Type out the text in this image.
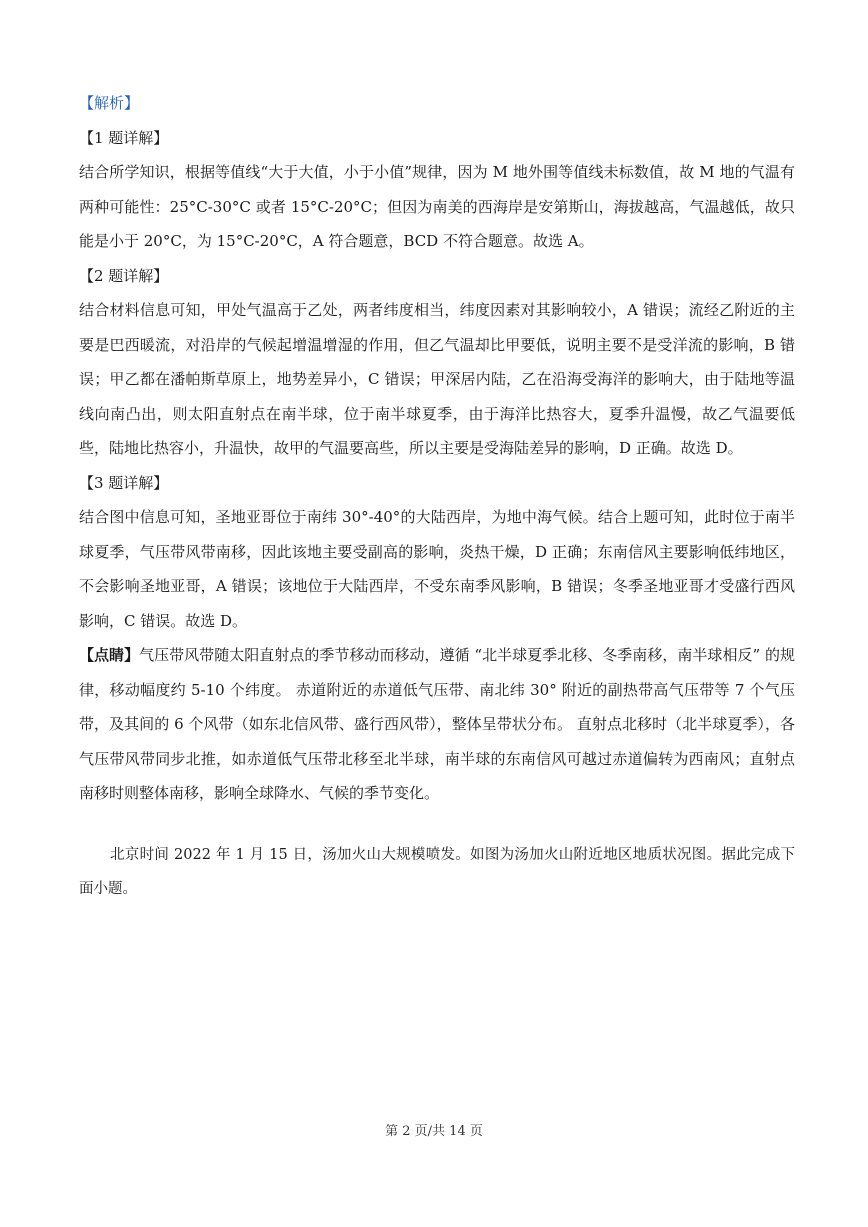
【解析】

【1 题详解】

结合所学知识，根据等值线“大于大值，小于小值”规律，因为 M 地外围等值线未标数值，故 M 地的气温有两种可能性：25°C-30°C 或者 15°C-20°C；但因为南美的西海岸是安第斯山，海拔越高，气温越低，故只能是小于 20°C，为 15°C-20°C，A 符合题意，BCD 不符合题意。故选 A。

【2 题详解】

结合材料信息可知，甲处气温高于乙处，两者纬度相当，纬度因素对其影响较小，A 错误；流经乙附近的主要是巴西暖流，对沿岸的气候起增温增湿的作用，但乙气温却比甲要低，说明主要不是受洋流的影响，B 错误；甲乙都在潘帕斯草原上，地势差异小，C 错误；甲深居内陆，乙在沿海受海洋的影响大，由于陆地等温线向南凸出，则太阳直射点在南半球，位于南半球夏季，由于海洋比热容大，夏季升温慢，故乙气温要低些，陆地比热容小，升温快，故甲的气温要高些，所以主要是受海陆差异的影响，D 正确。故选 D。

【3 题详解】

结合图中信息可知，圣地亚哥位于南纬 30°-40°的大陆西岸，为地中海气候。结合上题可知，此时位于南半球夏季，气压带风带南移，因此该地主要受副高的影响，炎热干燥，D 正确；东南信风主要影响低纬地区，不会影响圣地亚哥，A 错误；该地位于大陆西岸，不受东南季风影响，B 错误；冬季圣地亚哥才受盛行西风影响，C 错误。故选 D。

【点睛】气压带风带随太阳直射点的季节移动而移动，遵循 “北半球夏季北移、冬季南移，南半球相反” 的规律，移动幅度约 5-10 个纬度。 赤道附近的赤道低气压带、南北纬 30° 附近的副热带高气压带等 7 个气压带，及其间的 6 个风带（如东北信风带、盛行西风带），整体呈带状分布。 直射点北移时（北半球夏季），各气压带风带同步北推，如赤道低气压带北移至北半球，南半球的东南信风可越过赤道偏转为西南风；直射点南移时则整体南移，影响全球降水、气候的季节变化。

北京时间 2022 年 1 月 15 日，汤加火山大规模喷发。如图为汤加火山附近地区地质状况图。据此完成下面小题。
第 2 页/共 14 页
